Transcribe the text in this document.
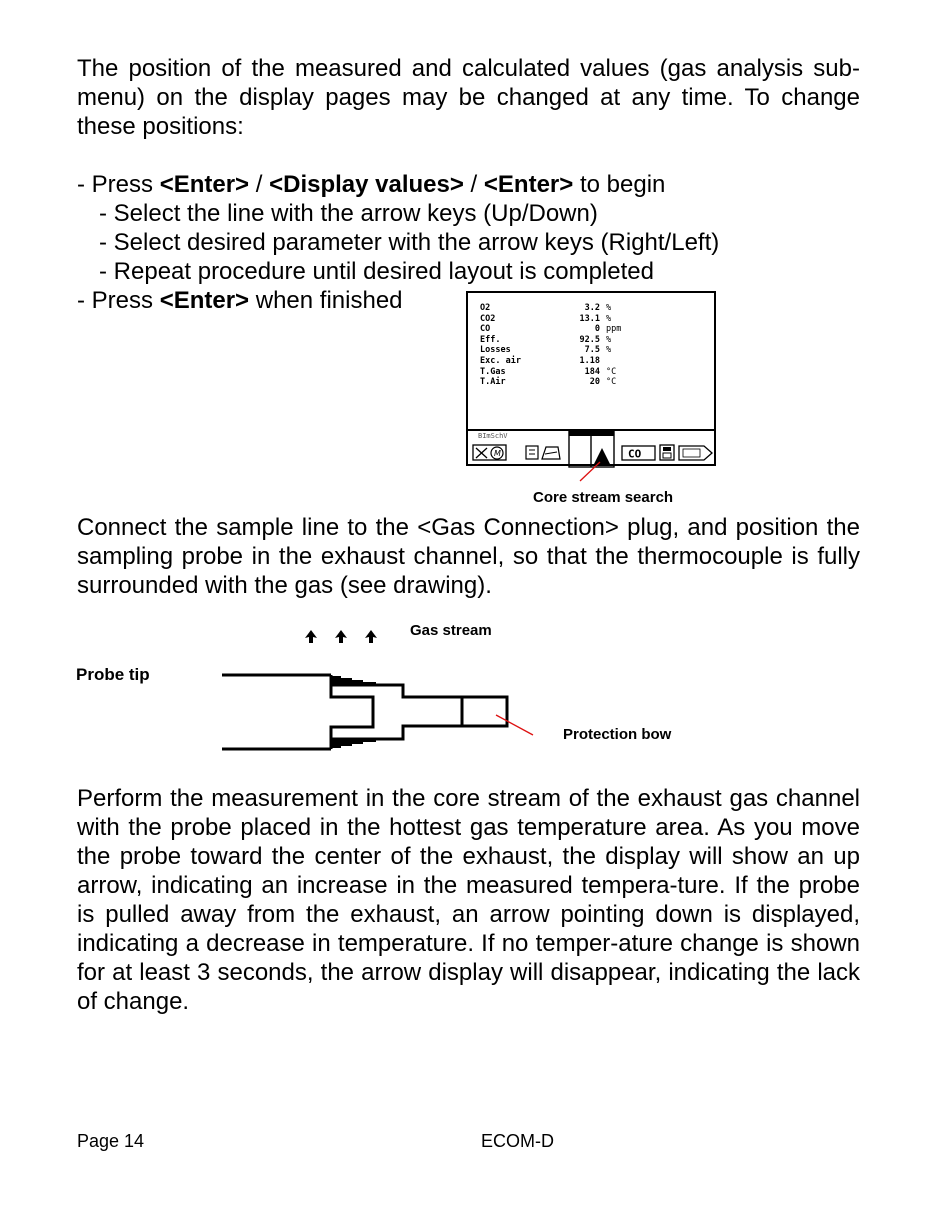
The position of the measured and calculated values (gas analysis sub-menu) on the display pages may be changed at any time. To change these positions:

- Press <Enter> / <Display values> / <Enter> to begin
- Select the line with the arrow keys (Up/Down)
- Select desired parameter with the arrow keys (Right/Left)
- Repeat procedure until desired layout is completed
- Press <Enter> when finished	O2	3.2 %
CO2	13.1 %
CO	0 ppm
Eff.	92.5 %
Losses	7.5 %
Exc. air	1.18
T.Gas	184 °C
T.Air	20 °C
BImSchV
M	CO
Core stream search

Connect the sample line to the <Gas Connection> plug, and position the sampling probe in the exhaust channel, so that the thermocouple is fully surrounded with the gas (see drawing).

Gas stream
Probe tip
Protection bow

Perform the measurement in the core stream of the exhaust gas channel with the probe placed in the hottest gas temperature area. As you move the probe toward the center of the exhaust, the display will show an up arrow, indicating an increase in the measured tempera-ture. If the probe is pulled away from the exhaust, an arrow pointing down is displayed, indicating a decrease in temperature. If no temper-ature change is shown for at least 3 seconds, the arrow display will disappear, indicating the lack of change.

Page 14	ECOM-D
